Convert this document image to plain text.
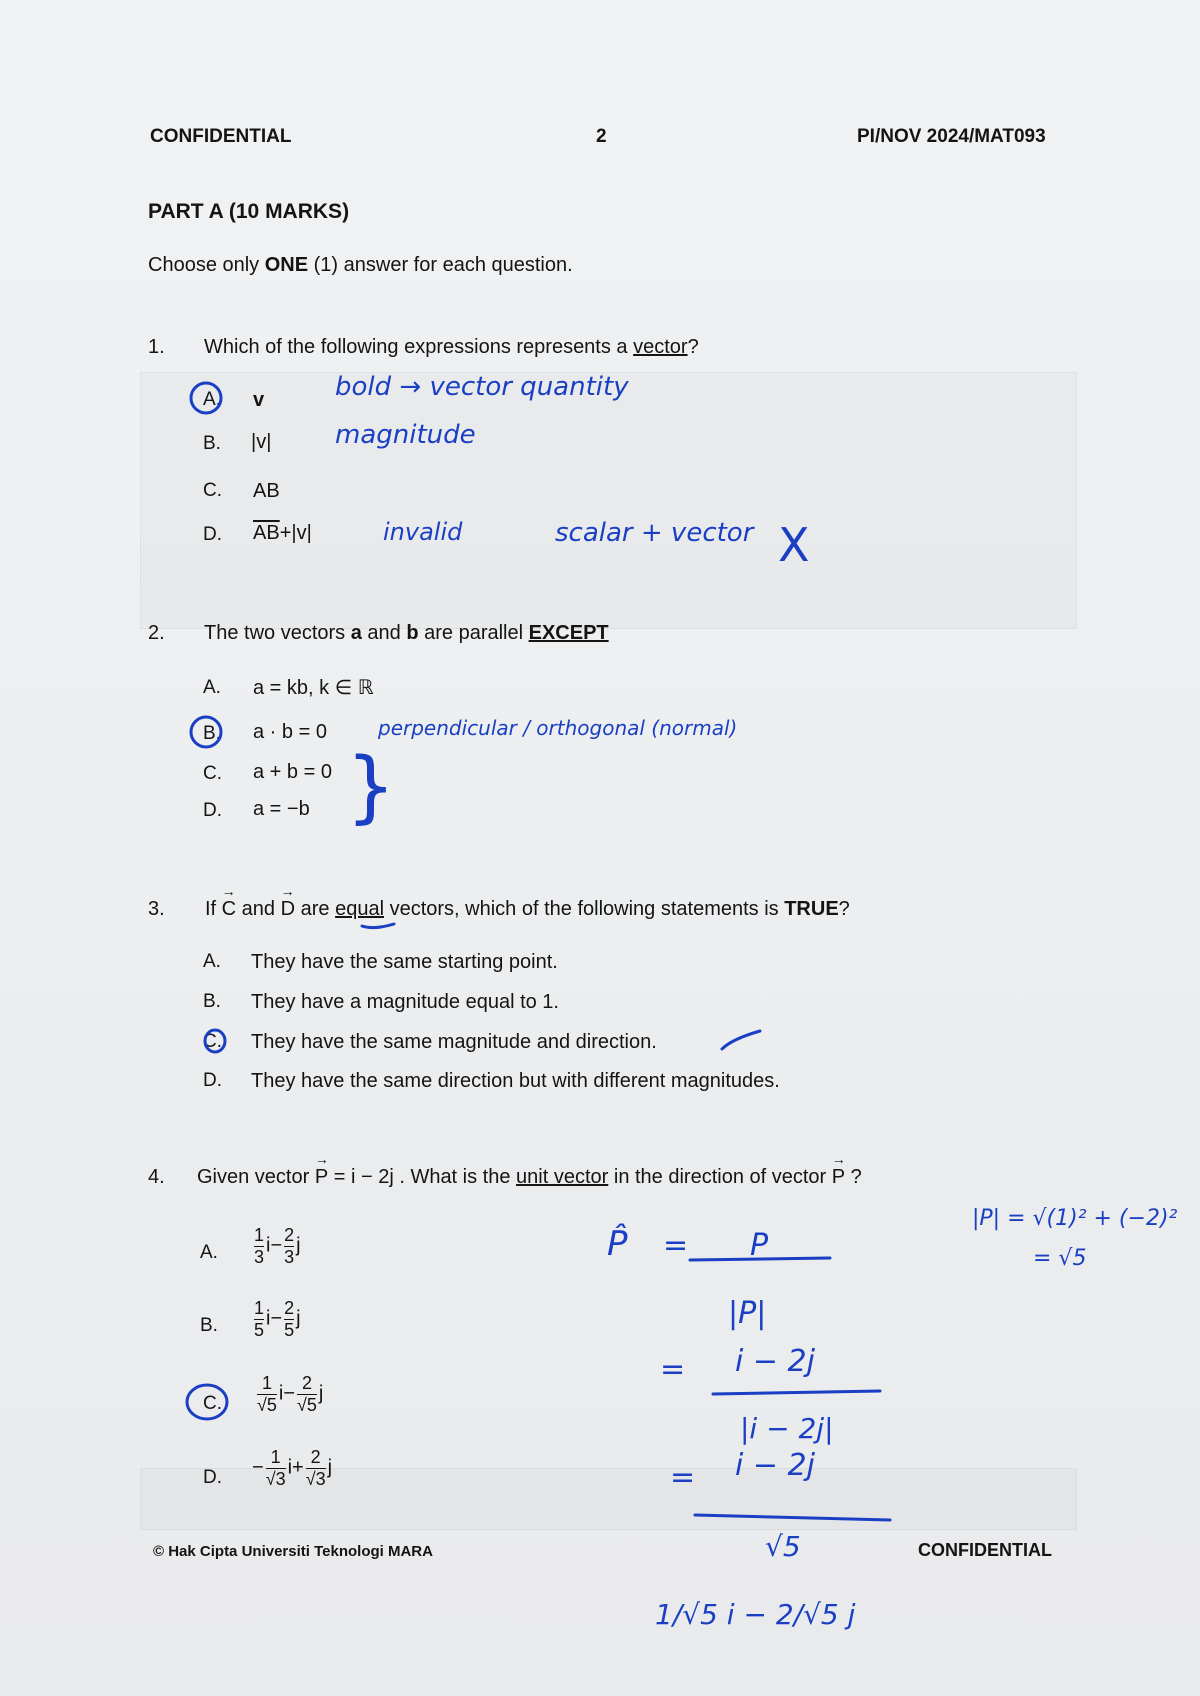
CONFIDENTIAL	2	PI/NOV 2024/MAT093
PART A (10 MARKS)
Choose only ONE (1) answer for each question.
1. Which of the following expressions represents a vector?
A. v
B. |v|
C. AB
D. $\overline{AB}+|v|$
2. The two vectors a and b are parallel EXCEPT
A. a = kb, k ∈ ℝ
B. a · b = 0
C. a + b = 0
D. a = −b
3. If → C and → D are equal vectors, which of the following statements is TRUE?
A. They have the same starting point.
B. They have a magnitude equal to 1.
C. They have the same magnitude and direction.
D. They have the same direction but with different magnitudes.
4. Given vector → P = i − 2j . What is the unit vector in the direction of vector → P ?
A. $\frac{1}{3} i- \frac{2}{3}$ j
B. $\frac{1}{5} i- \frac{2}{5}$ j
C. $\frac{1}{√5} i- \frac{2}{√5}$ j
D. − $\frac{1}{√3} i+ \frac{2}{√3}$ j
© Hak Cipta Universiti Teknologi MARA	CONFIDENTIAL
bold → vector quantity
magnitude
invalid	scalar + vector X
perpendicular / orthogonal (normal)
}
P̂ = P
|P|
= i − 2j
|i − 2j|
= i − 2j
√5
1/√5 i − 2/√5 j
|P| = √(1)² + (−2)²
= √5
